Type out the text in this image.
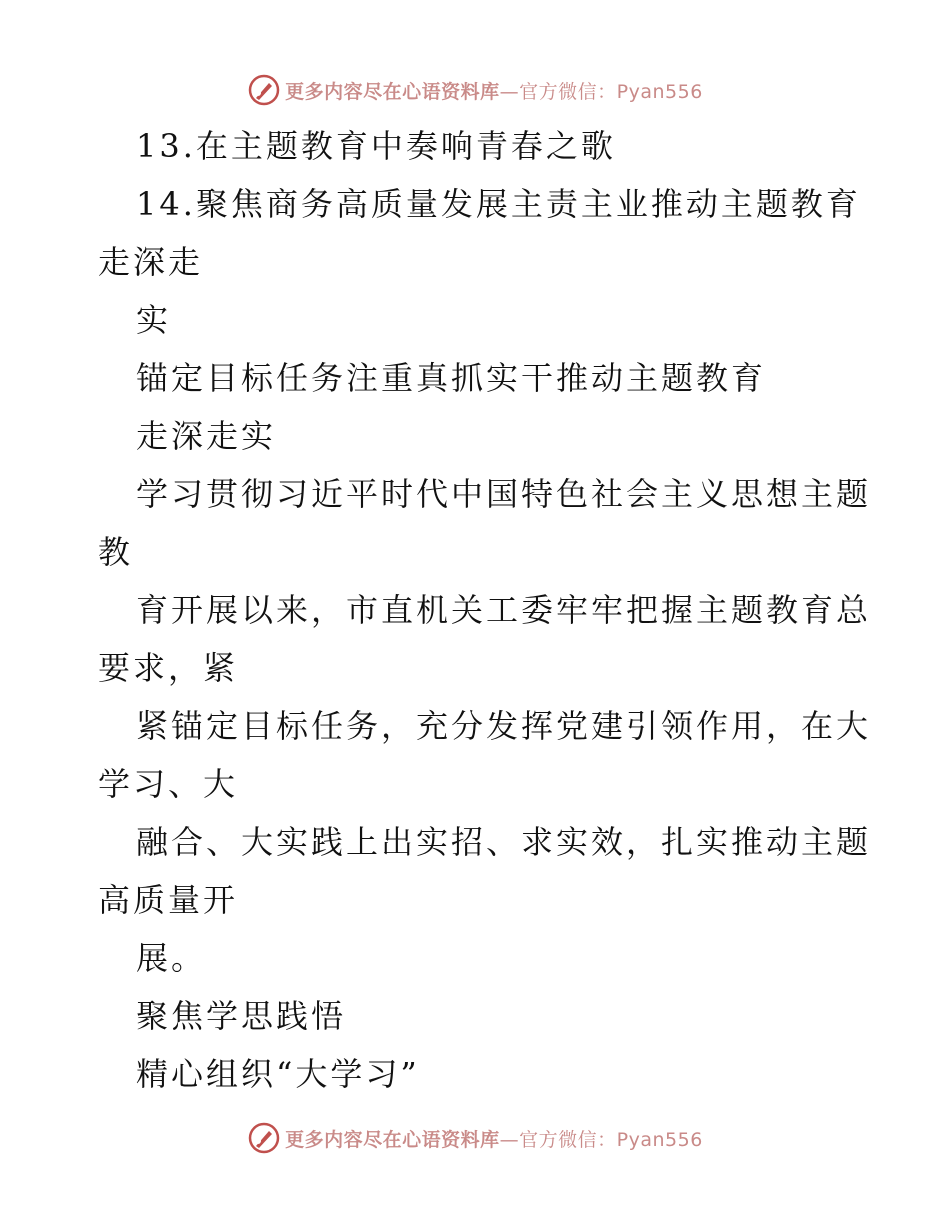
更多内容尽在心语资料库—官方微信：Pyan556
13.在主题教育中奏响青春之歌
14.聚焦商务高质量发展主责主业推动主题教育
走深走
实
锚定目标任务注重真抓实干推动主题教育
走深走实
学习贯彻习近平时代中国特色社会主义思想主题
教
育开展以来，市直机关工委牢牢把握主题教育总
要求，紧
紧锚定目标任务，充分发挥党建引领作用，在大
学习、大
融合、大实践上出实招、求实效，扎实推动主题
高质量开
展。
聚焦学思践悟
精心组织“大学习”
更多内容尽在心语资料库—官方微信：Pyan556
